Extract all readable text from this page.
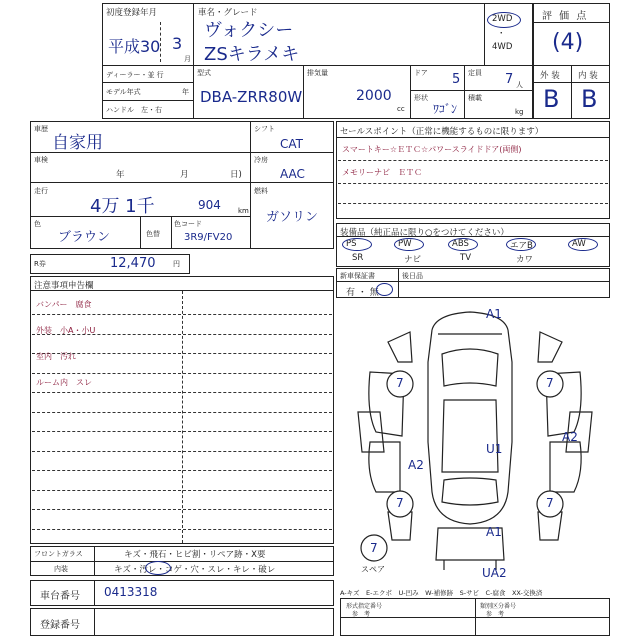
初度登録年月
平成30 3
月
車名・グレード
ヴォクシー
ZSキラメキ
2WD
・
4WD
評 価 点
(4)
外 装 内 装
B B
ディーラー・並 行
モデル年式	年
ハンドル　左・右
型式
DBA-ZRR80W
排気量
2000
cc
ドア 5 定員 7 人
形状
ﾜｺﾞﾝ
積載
kg
車歴
自家用
車検
年	月	日)
走行
4万 1千	904 km
色
ブラウン	色替
色コード
3R9/FV20
シフト
CAT
冷房
AAC
燃料
ガソリン
R券	12,470	円
セールスポイント（正常に機能するものに限ります）
スマートキー☆ＥＴＣ☆パワースライドドア(両側)
メモリーナビ　ＥＴＣ
装備品（純正品に限り○をつけてください）
PS	PW	ABS	エアB	AW
SR	ナビ	TV	カワ
新車保証書
有 ・ 無
後日品
注意事項申告欄
バンパー　腐食
外装　小A・小U
室内　汚れ
ルーム内　スレ
A1
7	7
A2
U1
A2
7	7
A1
UA2
7
スペア
A-キズ　E-エクボ　U-凹み　W-補修跡　S-サビ　C-腐食　XX-交換済
フロントガラス	キズ・飛石・ヒビ割・リペア跡・X要
内装	キズ・汚レ・コゲ・穴・スレ・キレ・破レ
車台番号 0413318
登録番号
形式指定番号	類別区分番号
参　考	参　考
